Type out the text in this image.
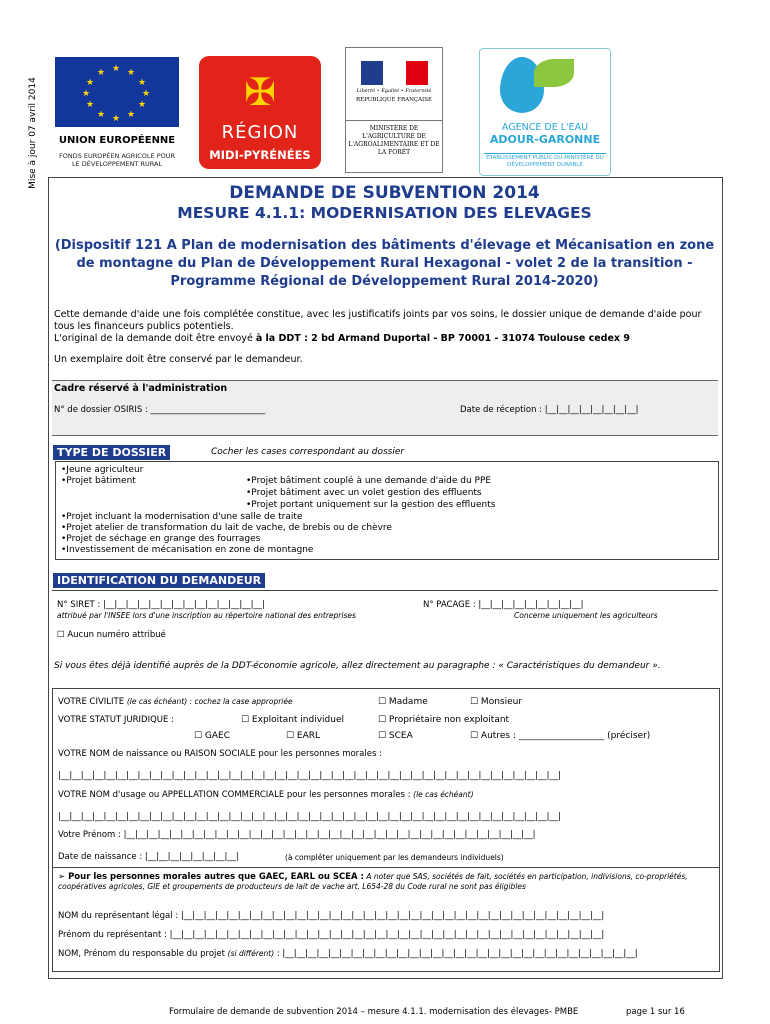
Mise à jour 07 avril 2014
★ ★
★
★
★
★
★
★
★
★
★
★
UNION EUROPÉENNE
FONDS EUROPÉEN AGRICOLE POUR LE DÉVELOPPEMENT RURAL
✠
RÉGION
MIDI-PYRÉNÉES
Liberté • Égalité • Fraternité
RÉPUBLIQUE FRANÇAISE
MINISTÈRE DE L'AGRICULTURE DE L'AGROALIMENTAIRE ET DE LA FORÊT
AGENCE DE L'EAU
ADOUR-GARONNE
ÉTABLISSEMENT PUBLIC DU MINISTÈRE DU DÉVELOPPEMENT DURABLE
DEMANDE DE SUBVENTION 2014
MESURE 4.1.1: MODERNISATION DES ELEVAGES
(Dispositif 121 A Plan de modernisation des bâtiments d'élevage et Mécanisation en zone de montagne du Plan de Développement Rural Hexagonal - volet 2 de la transition - Programme Régional de Développement Rural 2014-2020)
Cette demande d'aide une fois complétée constitue, avec les justificatifs joints par vos soins, le dossier unique de demande d'aide pour tous les financeurs publics potentiels.
L'original de la demande doit être envoyé à la DDT : 2 bd Armand Duportal - BP 70001 - 31074 Toulouse cedex 9
Un exemplaire doit être conservé par le demandeur.
Cadre réservé à l'administration
N° de dossier OSIRIS : ___________________________	Date de réception : |__|__|__|__|__|__|__|__|
TYPE DE DOSSIER	Cocher les cases correspondant au dossier
•Jeune agriculteur
•Projet bâtiment	•Projet bâtiment couplé à une demande d'aide du PPE
•Projet bâtiment avec un volet gestion des effluents
•Projet portant uniquement sur la gestion des effluents
•Projet incluant la modernisation d'une salle de traite
•Projet atelier de transformation du lait de vache, de brebis ou de chèvre
•Projet de séchage en grange des fourrages
•Investissement de mécanisation en zone de montagne
IDENTIFICATION DU DEMANDEUR
N° SIRET : |__|__|__|__|__|__|__|__|__|__|__|__|__|__|
attribué par l'INSEE lors d'une inscription au répertoire national des entreprises
N° PACAGE : |__|__|__|__|__|__|__|__|__|
Concerne uniquement les agriculteurs
☐ Aucun numéro attribué
Si vous êtes déjà identifié auprès de la DDT-économie agricole, allez directement au paragraphe : « Caractéristiques du demandeur ».
VOTRE CIVILITE (le cas échéant) : cochez la case appropriée	☐ Madame	☐ Monsieur
VOTRE STATUT JURIDIQUE :	☐ Exploitant individuel	☐ Propriétaire non exploitant
☐ GAEC	☐ EARL	☐ SCEA	☐ Autres : ___________________ (préciser)
VOTRE NOM de naissance ou RAISON SOCIALE pour les personnes morales :
|__|__|__|__|__|__|__|__|__|__|__|__|__|__|__|__|__|__|__|__|__|__|__|__|__|__|__|__|__|__|__|__|__|__|__|__|__|__|__|__|__|__|__|__|
VOTRE NOM d'usage ou APPELLATION COMMERCIALE pour les personnes morales : (le cas échéant)
|__|__|__|__|__|__|__|__|__|__|__|__|__|__|__|__|__|__|__|__|__|__|__|__|__|__|__|__|__|__|__|__|__|__|__|__|__|__|__|__|__|__|__|__|
Votre Prénom : |__|__|__|__|__|__|__|__|__|__|__|__|__|__|__|__|__|__|__|__|__|__|__|__|__|__|__|__|__|__|__|__|__|__|__|__|
Date de naissance : |__|__|__|__|__|__|__|__|	(à compléter uniquement par les demandeurs individuels)
➢ Pour les personnes morales autres que GAEC, EARL ou SCEA : A noter que SAS, sociétés de fait, sociétés en participation, indivisions, co-propriétés, coopératives agricoles, GIE et groupements de producteurs de lait de vache art. L654-28 du Code rural ne sont pas éligibles
NOM du représentant légal : |__|__|__|__|__|__|__|__|__|__|__|__|__|__|__|__|__|__|__|__|__|__|__|__|__|__|__|__|__|__|__|__|__|__|__|__|__|
Prénom du représentant : |__|__|__|__|__|__|__|__|__|__|__|__|__|__|__|__|__|__|__|__|__|__|__|__|__|__|__|__|__|__|__|__|__|__|__|__|__|__|
NOM, Prénom du responsable du projet (si différent) : |__|__|__|__|__|__|__|__|__|__|__|__|__|__|__|__|__|__|__|__|__|__|__|__|__|__|__|__|__|__|__|
Formulaire de demande de subvention 2014 – mesure 4.1.1. modernisation des élevages- PMBE	page 1 sur 16
